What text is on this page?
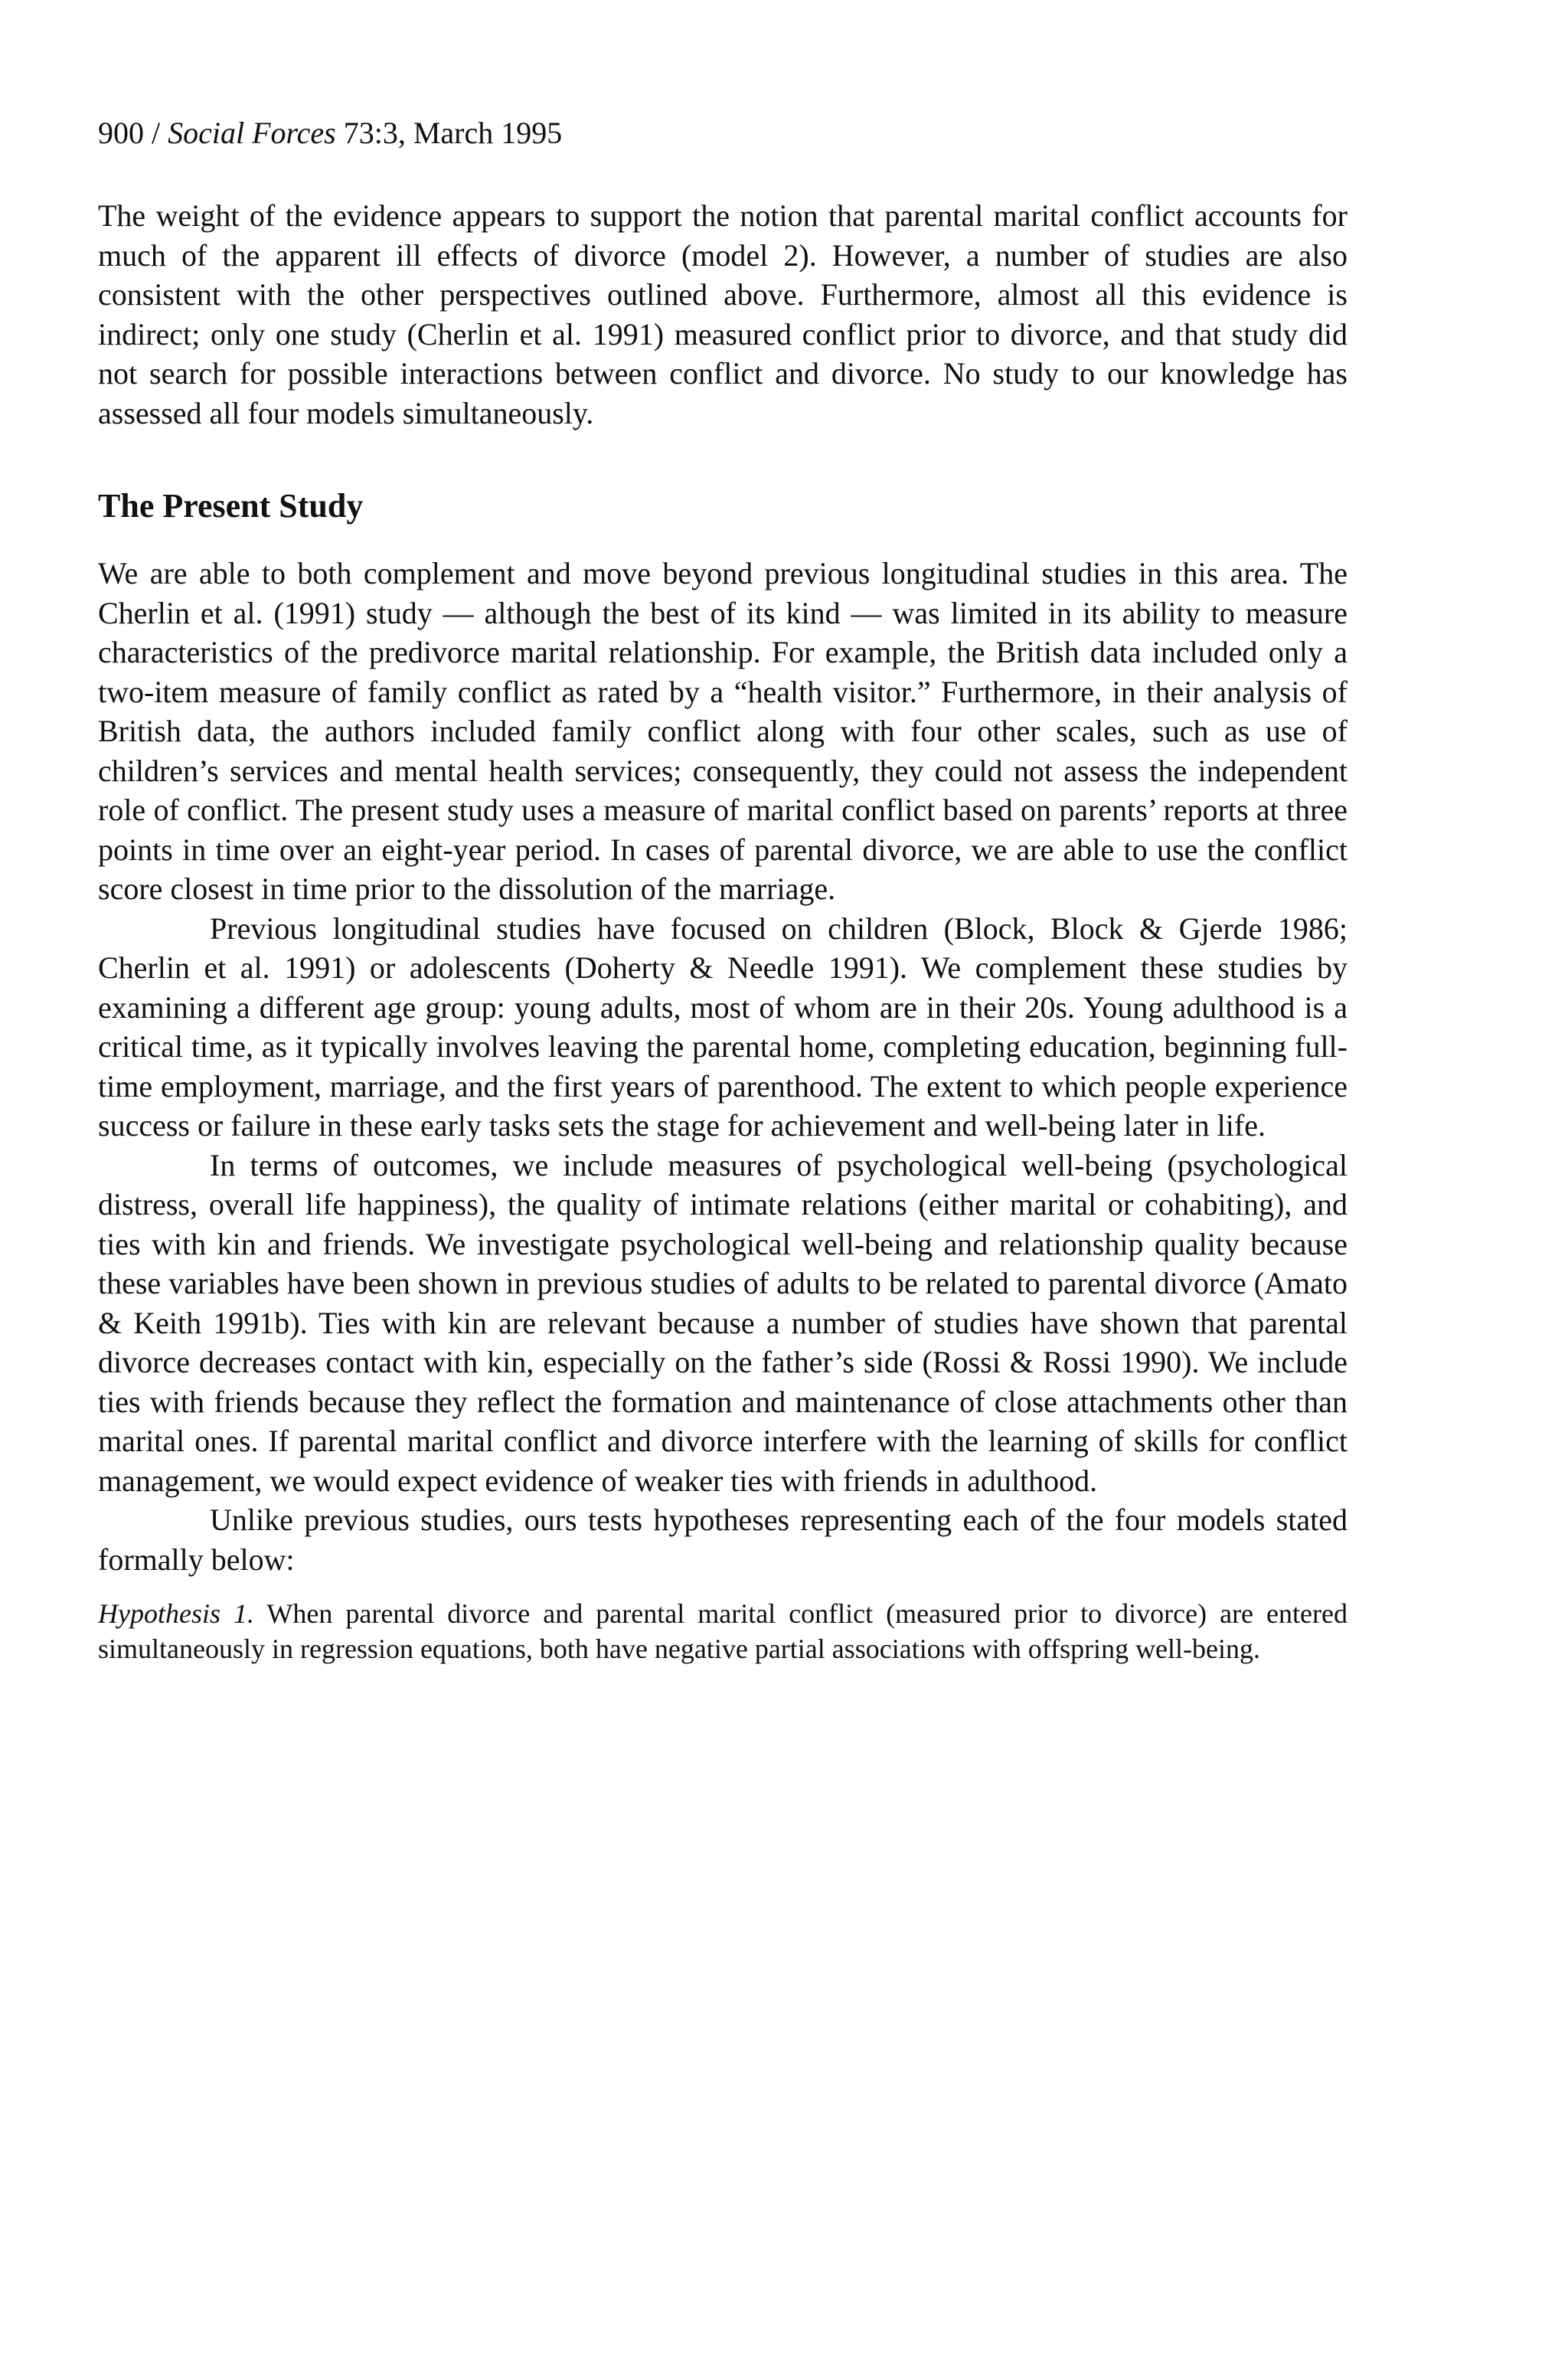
900 / Social Forces 73:3, March 1995

The weight of the evidence appears to support the notion that parental marital conflict accounts for much of the apparent ill effects of divorce (model 2). However, a number of studies are also consistent with the other perspectives outlined above. Furthermore, almost all this evidence is indirect; only one study (Cherlin et al. 1991) measured conflict prior to divorce, and that study did not search for possible interactions between conflict and divorce. No study to our knowledge has assessed all four models simultaneously.

The Present Study

We are able to both complement and move beyond previous longitudinal studies in this area. The Cherlin et al. (1991) study — although the best of its kind — was limited in its ability to measure characteristics of the predivorce marital relationship. For example, the British data included only a two-item measure of family conflict as rated by a “health visitor.” Furthermore, in their analysis of British data, the authors included family conflict along with four other scales, such as use of children’s services and mental health services; consequently, they could not assess the independent role of conflict. The present study uses a measure of marital conflict based on parents’ reports at three points in time over an eight-year period. In cases of parental divorce, we are able to use the conflict score closest in time prior to the dissolution of the marriage.

Previous longitudinal studies have focused on children (Block, Block & Gjerde 1986; Cherlin et al. 1991) or adolescents (Doherty & Needle 1991). We complement these studies by examining a different age group: young adults, most of whom are in their 20s. Young adulthood is a critical time, as it typically involves leaving the parental home, completing education, beginning full-time employment, marriage, and the first years of parenthood. The extent to which people experience success or failure in these early tasks sets the stage for achievement and well-being later in life.

In terms of outcomes, we include measures of psychological well-being (psychological distress, overall life happiness), the quality of intimate relations (either marital or cohabiting), and ties with kin and friends. We investigate psychological well-being and relationship quality because these variables have been shown in previous studies of adults to be related to parental divorce (Amato & Keith 1991b). Ties with kin are relevant because a number of studies have shown that parental divorce decreases contact with kin, especially on the father’s side (Rossi & Rossi 1990). We include ties with friends because they reflect the formation and maintenance of close attachments other than marital ones. If parental marital conflict and divorce interfere with the learning of skills for conflict management, we would expect evidence of weaker ties with friends in adulthood.

Unlike previous studies, ours tests hypotheses representing each of the four models stated formally below:

Hypothesis 1. When parental divorce and parental marital conflict (measured prior to divorce) are entered simultaneously in regression equations, both have negative partial associations with offspring well-being.
